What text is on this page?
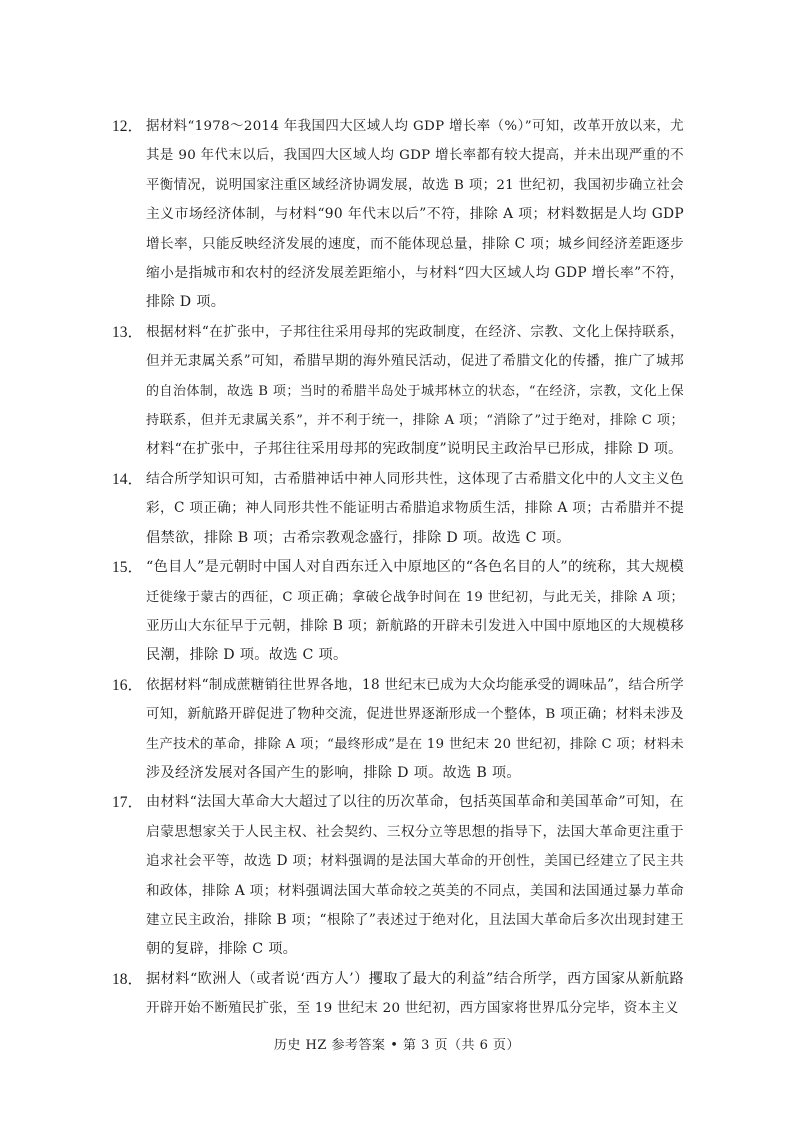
12． 据材料“1978～2014 年我国四大区域人均 GDP 增长率（%）”可知，改革开放以来，尤
其是 90 年代末以后，我国四大区域人均 GDP 增长率都有较大提高，并未出现严重的不
平衡情况，说明国家注重区域经济协调发展，故选 B 项；21 世纪初，我国初步确立社会
主义市场经济体制，与材料“90 年代末以后”不符，排除 A 项；材料数据是人均 GDP
增长率，只能反映经济发展的速度，而不能体现总量，排除 C 项；城乡间经济差距逐步
缩小是指城市和农村的经济发展差距缩小，与材料“四大区域人均 GDP 增长率”不符，
排除 D 项。
13． 根据材料“在扩张中，子邦往往采用母邦的宪政制度，在经济、宗教、文化上保持联系，
但并无隶属关系”可知，希腊早期的海外殖民活动，促进了希腊文化的传播，推广了城邦
的自治体制，故选 B 项；当时的希腊半岛处于城邦林立的状态，“在经济，宗教，文化上保
持联系，但并无隶属关系”，并不利于统一，排除 A 项；“消除了”过于绝对，排除 C 项；
材料“在扩张中，子邦往往采用母邦的宪政制度”说明民主政治早已形成，排除 D 项。
14． 结合所学知识可知，古希腊神话中神人同形共性，这体现了古希腊文化中的人文主义色
彩，C 项正确；神人同形共性不能证明古希腊追求物质生活，排除 A 项；古希腊并不提
倡禁欲，排除 B 项；古希宗教观念盛行，排除 D 项。故选 C 项。
15． “色目人”是元朝时中国人对自西东迁入中原地区的“各色名目的人”的统称，其大规模
迁徙缘于蒙古的西征，C 项正确；拿破仑战争时间在 19 世纪初，与此无关，排除 A 项；
亚历山大东征早于元朝，排除 B 项；新航路的开辟未引发进入中国中原地区的大规模移
民潮，排除 D 项。故选 C 项。
16． 依据材料“制成蔗糖销往世界各地，18 世纪末已成为大众均能承受的调味品”，结合所学
可知，新航路开辟促进了物种交流，促进世界逐渐形成一个整体，B 项正确；材料未涉及
生产技术的革命，排除 A 项；“最终形成”是在 19 世纪末 20 世纪初，排除 C 项；材料未
涉及经济发展对各国产生的影响，排除 D 项。故选 B 项。
17． 由材料“法国大革命大大超过了以往的历次革命，包括英国革命和美国革命”可知，在
启蒙思想家关于人民主权、社会契约、三权分立等思想的指导下，法国大革命更注重于
追求社会平等，故选 D 项；材料强调的是法国大革命的开创性，美国已经建立了民主共
和政体，排除 A 项；材料强调法国大革命较之英美的不同点，美国和法国通过暴力革命
建立民主政治，排除 B 项；“根除了”表述过于绝对化，且法国大革命后多次出现封建王
朝的复辟，排除 C 项。
18． 据材料“欧洲人（或者说‘西方人’）攫取了最大的利益”结合所学，西方国家从新航路
开辟开始不断殖民扩张，至 19 世纪末 20 世纪初，西方国家将世界瓜分完毕，资本主义
历史 HZ 参考答案 • 第 3 页（共 6 页）
